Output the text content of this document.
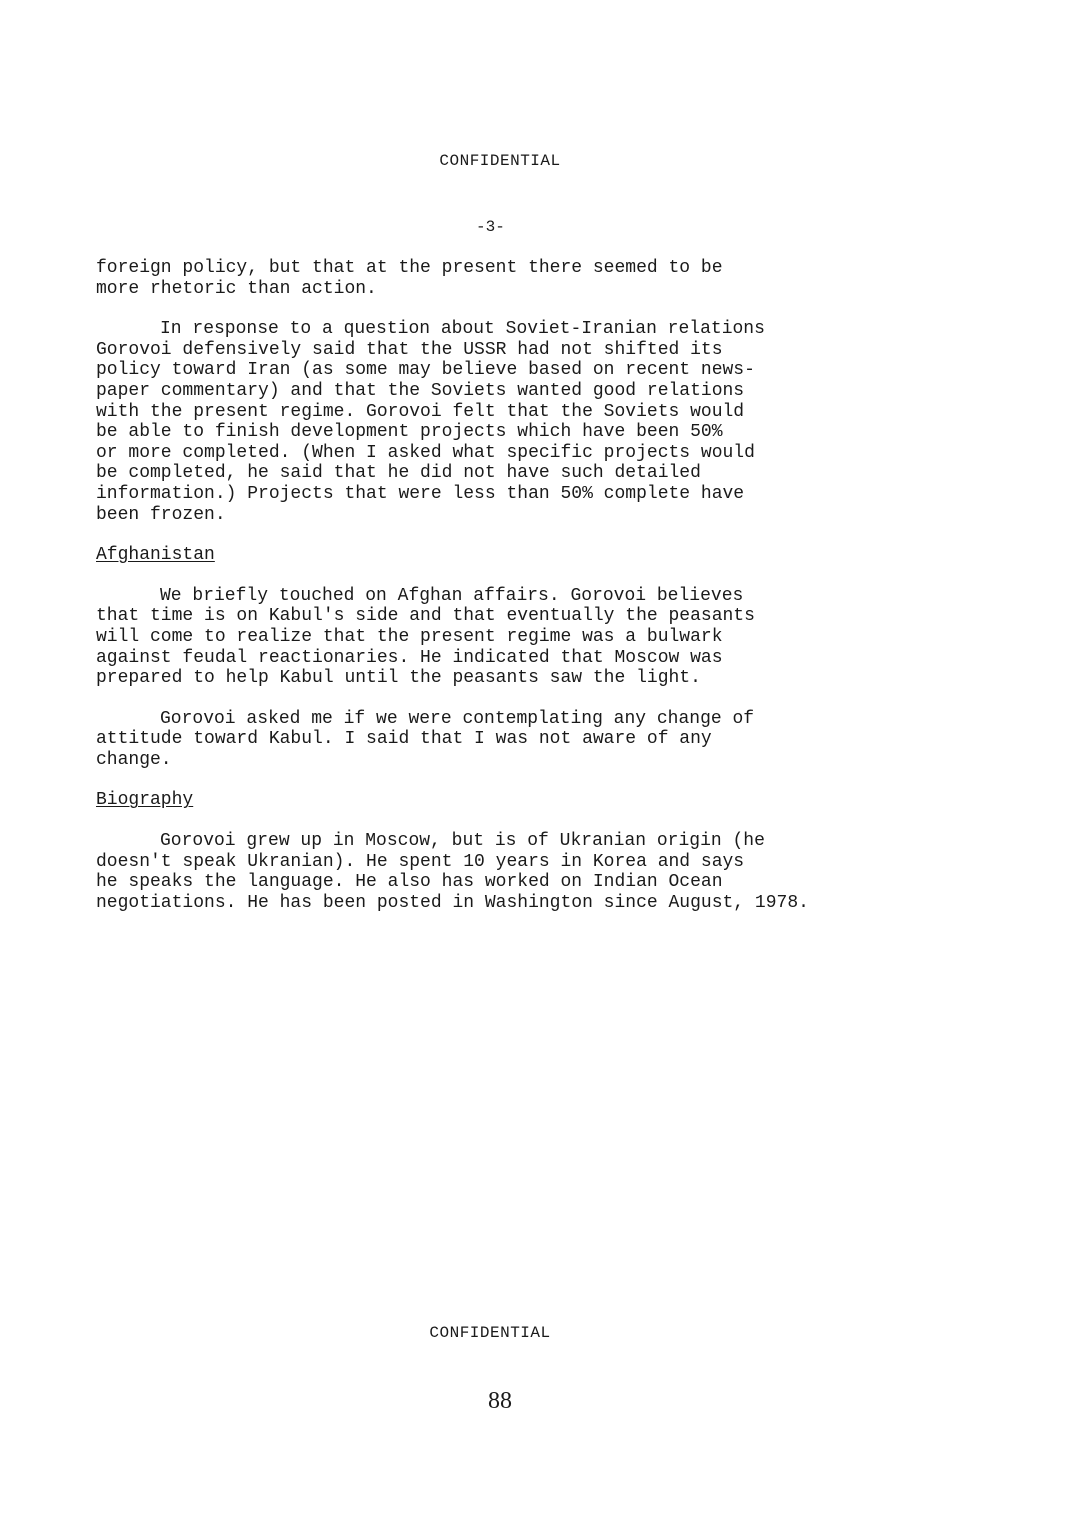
CONFIDENTIAL
-3-

foreign policy, but that at the present there seemed to be
more rhetoric than action.

In response to a question about Soviet-Iranian relations
Gorovoi defensively said that the USSR had not shifted its
policy toward Iran (as some may believe based on recent news-
paper commentary) and that the Soviets wanted good relations
with the present regime. Gorovoi felt that the Soviets would
be able to finish development projects which have been 50%
or more completed. (When I asked what specific projects would
be completed, he said that he did not have such detailed
information.) Projects that were less than 50% complete have
been frozen.

Afghanistan

We briefly touched on Afghan affairs. Gorovoi believes
that time is on Kabul's side and that eventually the peasants
will come to realize that the present regime was a bulwark
against feudal reactionaries. He indicated that Moscow was
prepared to help Kabul until the peasants saw the light.

Gorovoi asked me if we were contemplating any change of
attitude toward Kabul. I said that I was not aware of any
change.

Biography

Gorovoi grew up in Moscow, but is of Ukranian origin (he
doesn't speak Ukranian). He spent 10 years in Korea and says
he speaks the language. He also has worked on Indian Ocean
negotiations. He has been posted in Washington since August, 1978.

CONFIDENTIAL
88
